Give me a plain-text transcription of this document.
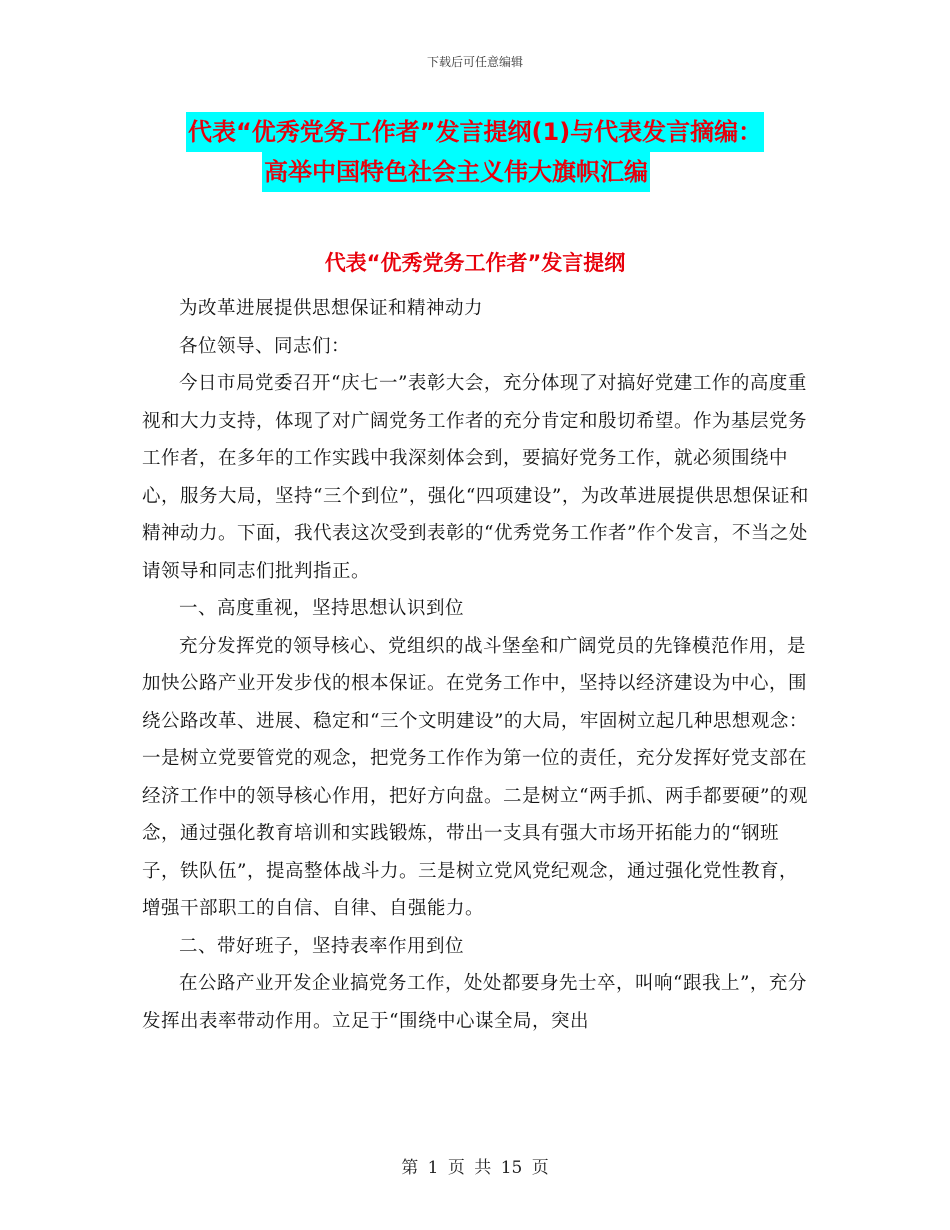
下载后可任意编辑
代表“优秀党务工作者”发言提纲(1)与代表发言摘编：
高举中国特色社会主义伟大旗帜汇编
代表“优秀党务工作者”发言提纲

为改革进展提供思想保证和精神动力

各位领导、同志们：

今日市局党委召开“庆七一”表彰大会，充分体现了对搞好党建工作的高度重视和大力支持，体现了对广阔党务工作者的充分肯定和殷切希望。作为基层党务工作者，在多年的工作实践中我深刻体会到，要搞好党务工作，就必须围绕中心，服务大局，坚持“三个到位”，强化“四项建设”，为改革进展提供思想保证和精神动力。下面，我代表这次受到表彰的“优秀党务工作者”作个发言，不当之处请领导和同志们批判指正。

一、高度重视，坚持思想认识到位

充分发挥党的领导核心、党组织的战斗堡垒和广阔党员的先锋模范作用，是加快公路产业开发步伐的根本保证。在党务工作中，坚持以经济建设为中心，围绕公路改革、进展、稳定和“三个文明建设”的大局，牢固树立起几种思想观念：一是树立党要管党的观念，把党务工作作为第一位的责任，充分发挥好党支部在经济工作中的领导核心作用，把好方向盘。二是树立“两手抓、两手都要硬”的观念，通过强化教育培训和实践锻炼，带出一支具有强大市场开拓能力的“钢班子，铁队伍”，提高整体战斗力。三是树立党风党纪观念，通过强化党性教育，增强干部职工的自信、自律、自强能力。

二、带好班子，坚持表率作用到位

在公路产业开发企业搞党务工作，处处都要身先士卒，叫响“跟我上”，充分发挥出表率带动作用。立足于“围绕中心谋全局，突出

第 1 页 共 15 页
